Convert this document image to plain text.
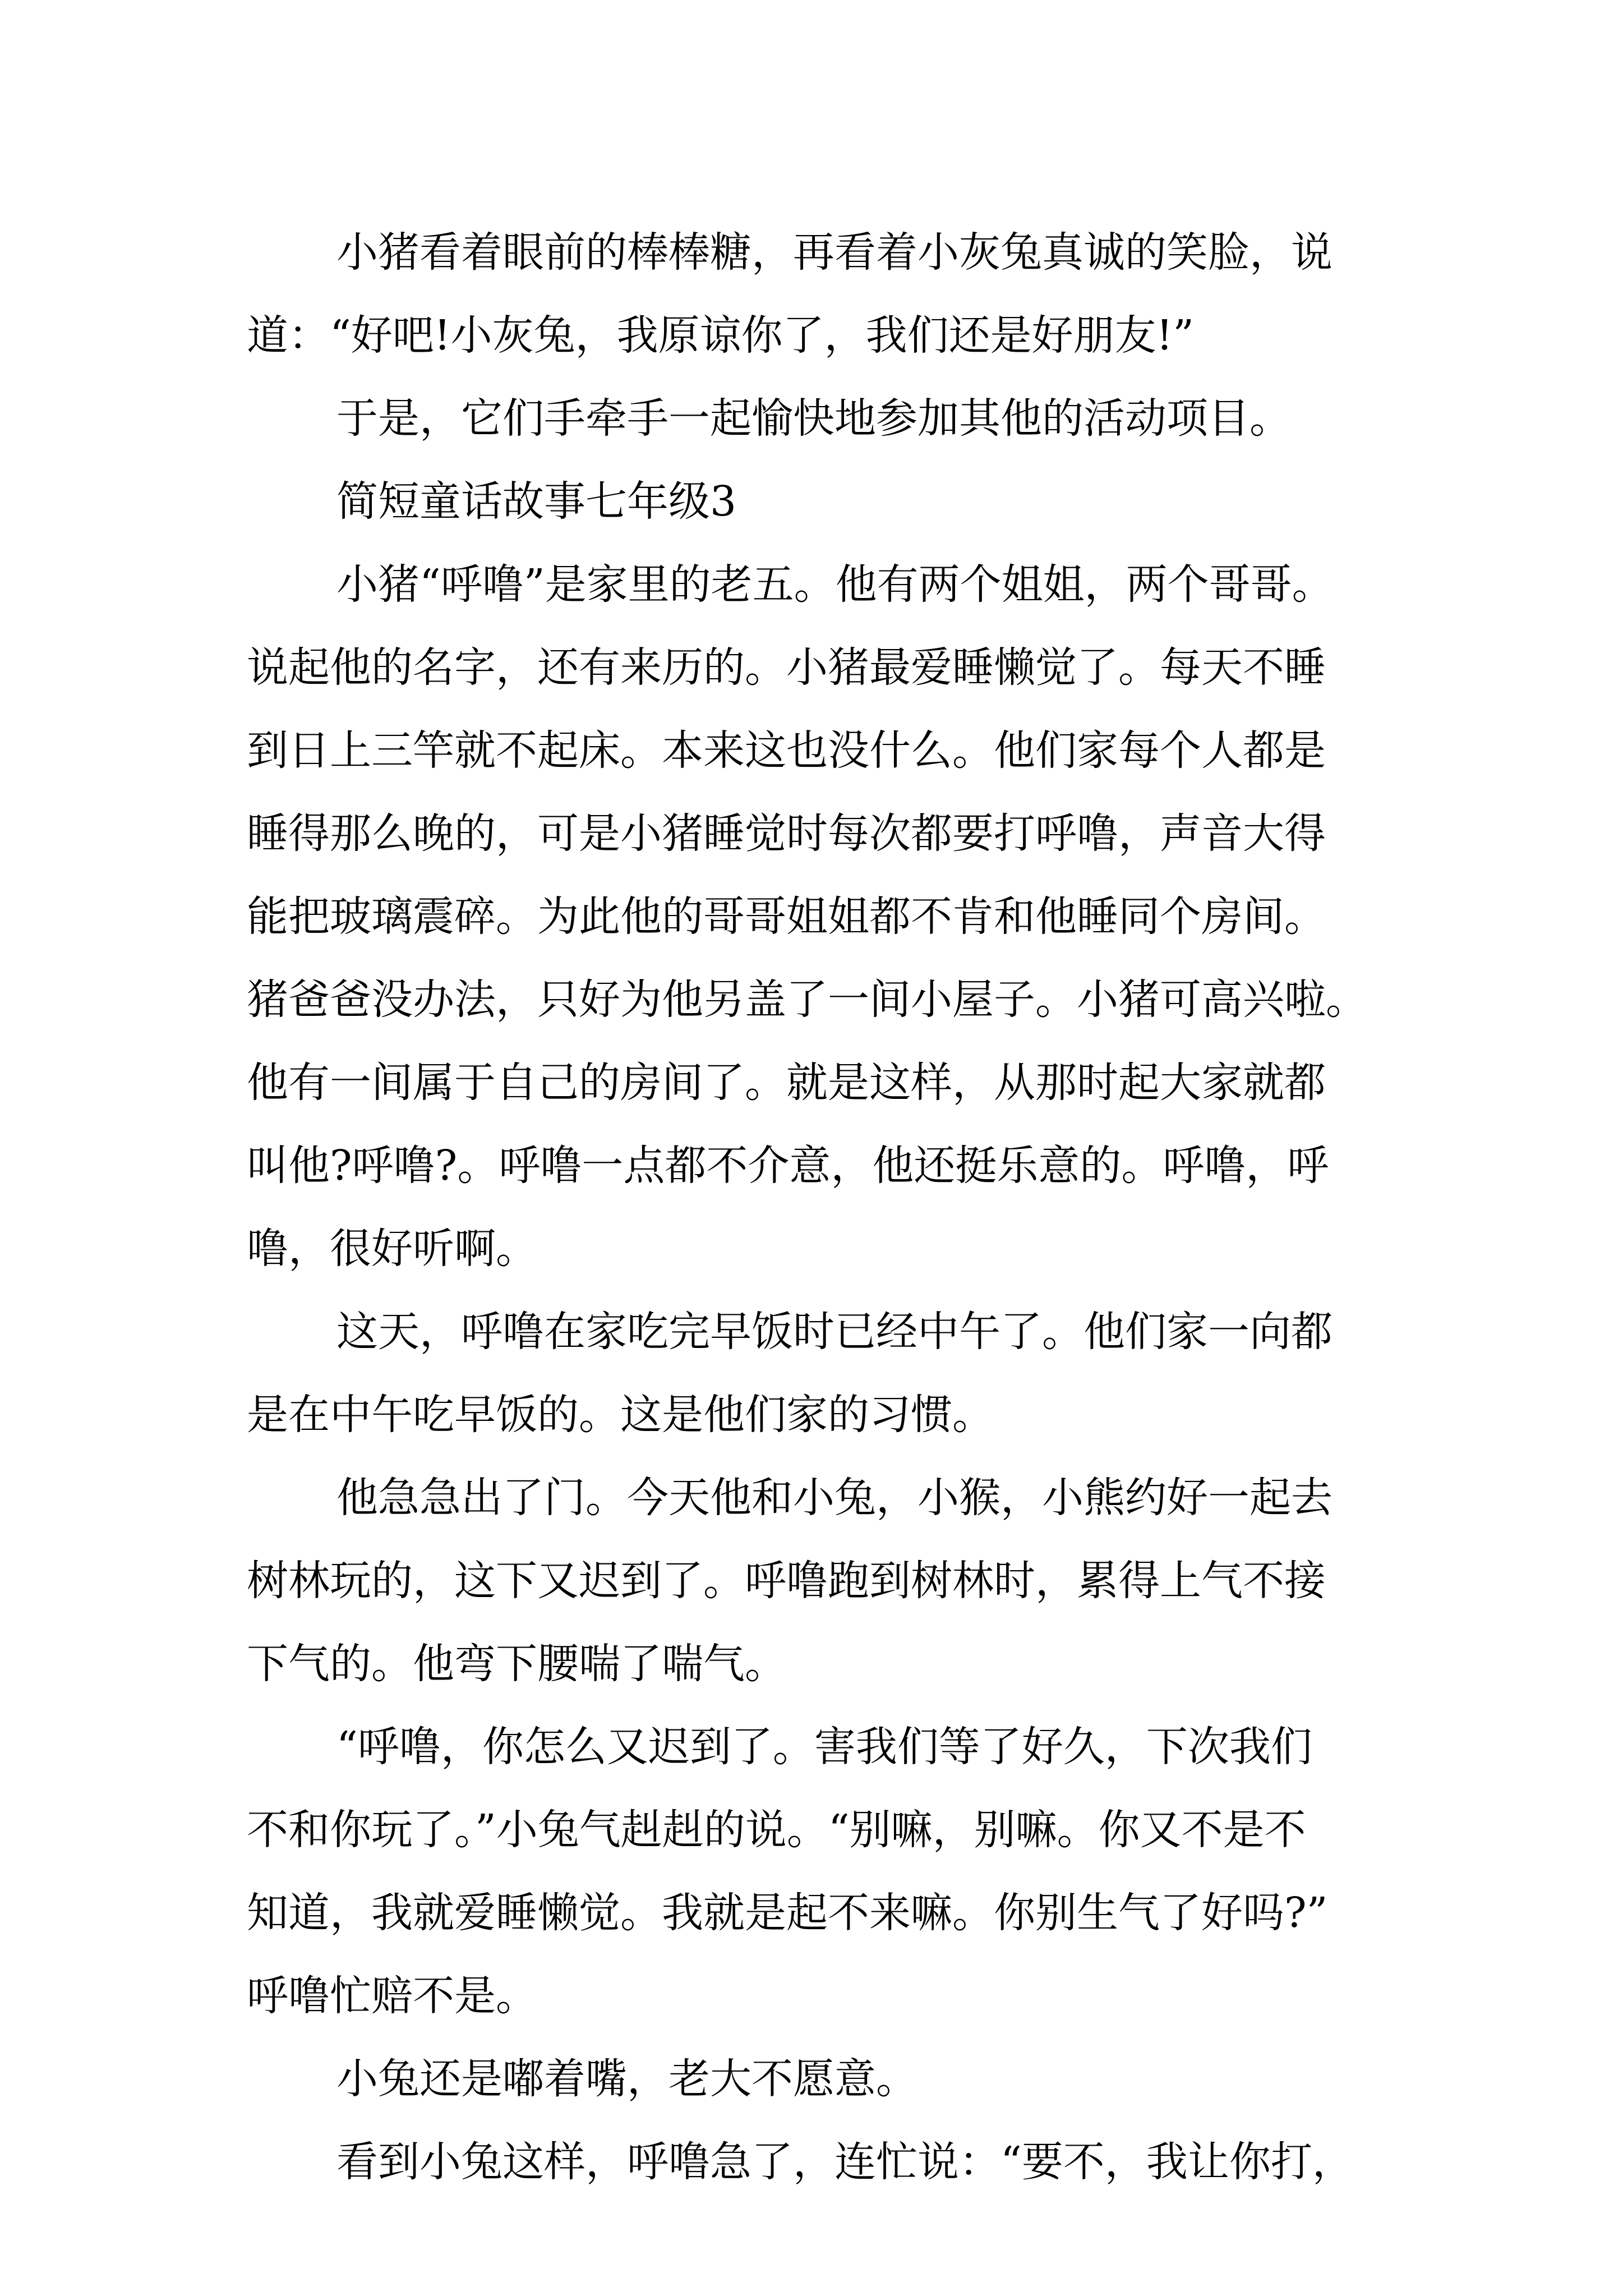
小猪看着眼前的棒棒糖，再看着小灰兔真诚的笑脸，说
道：“好吧!小灰兔，我原谅你了，我们还是好朋友!”
于是，它们手牵手一起愉快地参加其他的活动项目。
简短童话故事七年级3
小猪“呼噜”是家里的老五。他有两个姐姐，两个哥哥。
说起他的名字，还有来历的。小猪最爱睡懒觉了。每天不睡
到日上三竿就不起床。本来这也没什么。他们家每个人都是
睡得那么晚的，可是小猪睡觉时每次都要打呼噜，声音大得
能把玻璃震碎。为此他的哥哥姐姐都不肯和他睡同个房间。
猪爸爸没办法，只好为他另盖了一间小屋子。小猪可高兴啦。
他有一间属于自己的房间了。就是这样，从那时起大家就都
叫他?呼噜?。呼噜一点都不介意，他还挺乐意的。呼噜，呼
噜，很好听啊。
这天，呼噜在家吃完早饭时已经中午了。他们家一向都
是在中午吃早饭的。这是他们家的习惯。
他急急出了门。今天他和小兔，小猴，小熊约好一起去
树林玩的，这下又迟到了。呼噜跑到树林时，累得上气不接
下气的。他弯下腰喘了喘气。
“呼噜，你怎么又迟到了。害我们等了好久，下次我们
不和你玩了。”小兔气赳赳的说。“别嘛，别嘛。你又不是不
知道，我就爱睡懒觉。我就是起不来嘛。你别生气了好吗?”
呼噜忙赔不是。
小兔还是嘟着嘴，老大不愿意。
看到小兔这样，呼噜急了，连忙说：“要不，我让你打，
